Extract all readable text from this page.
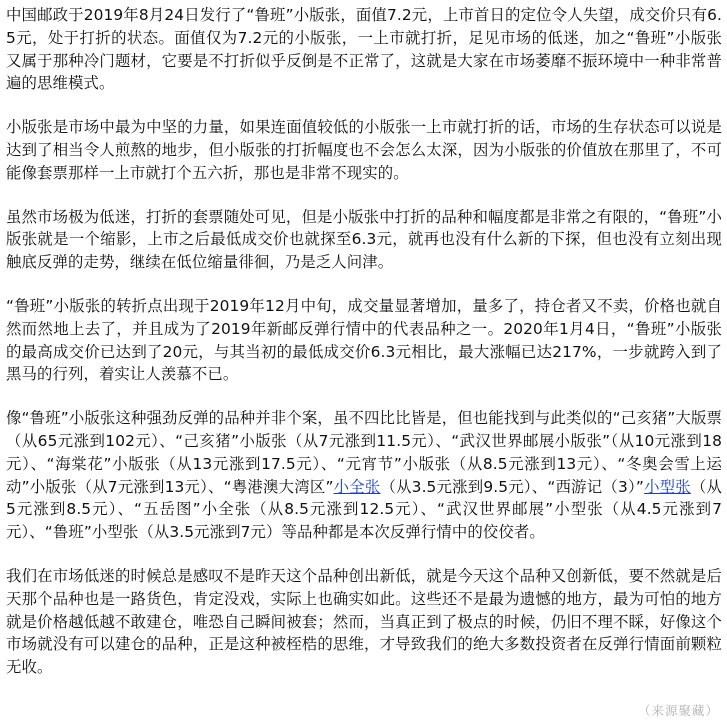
中国邮政于2019年8月24日发行了“鲁班”小版张，面值7.2元，上市首日的定位令人失望，成交价只有6.5元，处于打折的状态。面值仅为7.2元的小版张，一上市就打折，足见市场的低迷，加之“鲁班”小版张又属于那种冷门题材，它要是不打折似乎反倒是不正常了，这就是大家在市场萎靡不振环境中一种非常普遍的思维模式。

小版张是市场中最为中坚的力量，如果连面值较低的小版张一上市就打折的话，市场的生存状态可以说是达到了相当令人煎熬的地步，但小版张的打折幅度也不会怎么太深，因为小版张的价值放在那里了，不可能像套票那样一上市就打个五六折，那也是非常不现实的。

虽然市场极为低迷，打折的套票随处可见，但是小版张中打折的品种和幅度都是非常之有限的，“鲁班”小版张就是一个缩影，上市之后最低成交价也就探至6.3元，就再也没有什么新的下探，但也没有立刻出现触底反弹的走势，继续在低位缩量徘徊，乃是乏人问津。

“鲁班”小版张的转折点出现于2019年12月中旬，成交量显著增加，量多了，持仓者又不卖，价格也就自然而然地上去了，并且成为了2019年新邮反弹行情中的代表品种之一。2020年1月4日，“鲁班”小版张的最高成交价已达到了20元，与其当初的最低成交价6.3元相比，最大涨幅已达217%，一步就跨入到了黑马的行列，着实让人羡慕不已。

像“鲁班”小版张这种强劲反弹的品种并非个案，虽不四比比皆是，但也能找到与此类似的“己亥猪”大版票（从65元涨到102元）、“己亥猪”小版张（从7元涨到11.5元）、“武汉世界邮展小版张”（从10元涨到18元）、“海棠花”小版张（从13元涨到17.5元）、“元宵节”小版张（从8.5元涨到13元）、“冬奥会雪上运动”小版张（从7元涨到13元）、“粤港澳大湾区”小全张（从3.5元涨到9.5元）、“西游记（3）”小型张（从5元涨到8.5元）、“五岳图”小全张（从8.5元涨到12.5元）、“武汉世界邮展”小型张（从4.5元涨到7元）、“鲁班”小型张（从3.5元涨到7元）等品种都是本次反弹行情中的佼佼者。

我们在市场低迷的时候总是感叹不是昨天这个品种创出新低，就是今天这个品种又创新低，要不然就是后天那个品种也是一路货色，肯定没戏，实际上也确实如此。这些还不是最为遗憾的地方，最为可怕的地方就是价格越低越不敢建仓，唯恐自己瞬间被套；然而，当真正到了极点的时候，仍旧不理不睬，好像这个市场就没有可以建仓的品种，正是这种被桎梏的思维，才导致我们的绝大多数投资者在反弹行情面前颗粒无收。

（来源聚藏）
